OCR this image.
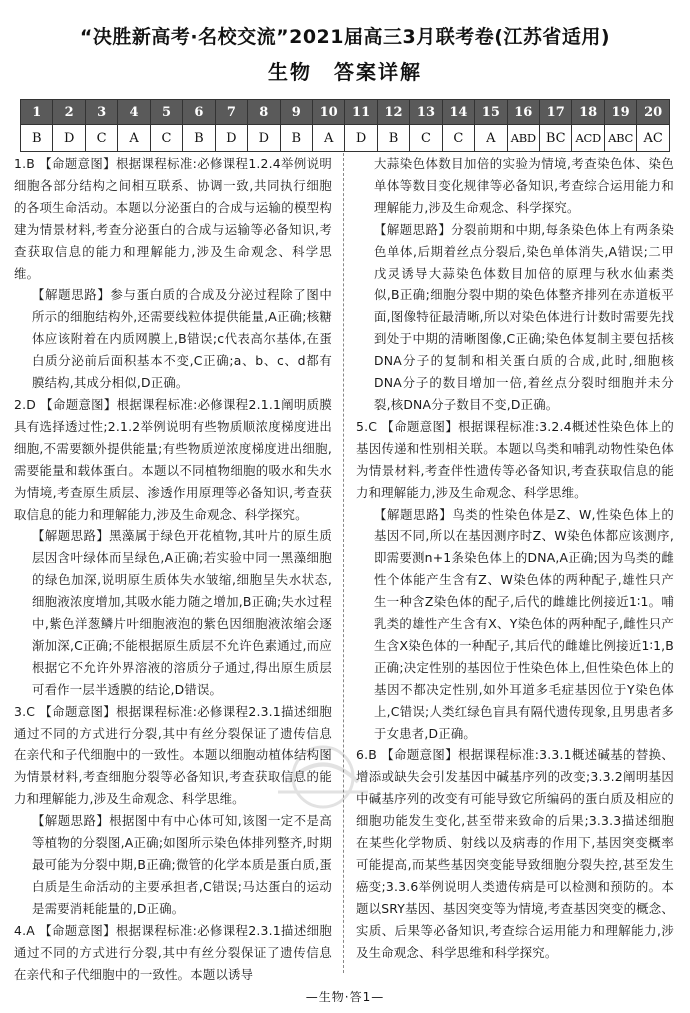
“决胜新高考·名校交流”2021届高三3月联考卷(江苏省适用)
生物 答案详解
1	2	3	4	5	6	7	8	9	10	11	12	13	14	15	16	17	18	19	20
B	D	C	A	C	B	D	D	B	A	D	B	C	C	A	ABD	BC	ACD	ABC	AC

1.B 【命题意图】根据课程标准:必修课程1.2.4举例说明细胞各部分结构之间相互联系、协调一致,共同执行细胞的各项生命活动。本题以分泌蛋白的合成与运输的模型构建为情景材料,考查分泌蛋白的合成与运输等必备知识,考查获取信息的能力和理解能力,涉及生命观念、科学思维。

【解题思路】参与蛋白质的合成及分泌过程除了图中所示的细胞结构外,还需要线粒体提供能量,A正确;核糖体应该附着在内质网膜上,B错误;c代表高尔基体,在蛋白质分泌前后面积基本不变,C正确;a、b、c、d都有膜结构,其成分相似,D正确。

2.D 【命题意图】根据课程标准:必修课程2.1.1阐明质膜具有选择透过性;2.1.2举例说明有些物质顺浓度梯度进出细胞,不需要额外提供能量;有些物质逆浓度梯度进出细胞,需要能量和载体蛋白。本题以不同植物细胞的吸水和失水为情境,考查原生质层、渗透作用原理等必备知识,考查获取信息的能力和理解能力,涉及生命观念、科学探究。

【解题思路】黑藻属于绿色开花植物,其叶片的原生质层因含叶绿体而呈绿色,A正确;若实验中同一黑藻细胞的绿色加深,说明原生质体失水皱缩,细胞呈失水状态,细胞液浓度增加,其吸水能力随之增加,B正确;失水过程中,紫色洋葱鳞片叶细胞液泡的紫色因细胞液浓缩会逐渐加深,C正确;不能根据原生质层不允许色素通过,而应根据它不允许外界溶液的溶质分子通过,得出原生质层可看作一层半透膜的结论,D错误。

3.C 【命题意图】根据课程标准:必修课程2.3.1描述细胞通过不同的方式进行分裂,其中有丝分裂保证了遗传信息在亲代和子代细胞中的一致性。本题以细胞动植体结构图为情景材料,考查细胞分裂等必备知识,考查获取信息的能力和理解能力,涉及生命观念、科学思维。

【解题思路】根据图中有中心体可知,该图一定不是高等植物的分裂图,A正确;如图所示染色体排列整齐,时期最可能为分裂中期,B正确;微管的化学本质是蛋白质,蛋白质是生命活动的主要承担者,C错误;马达蛋白的运动是需要消耗能量的,D正确。

4.A 【命题意图】根据课程标准:必修课程2.3.1描述细胞通过不同的方式进行分裂,其中有丝分裂保证了遗传信息在亲代和子代细胞中的一致性。本题以诱导

大蒜染色体数目加倍的实验为情境,考查染色体、染色单体等数目变化规律等必备知识,考查综合运用能力和理解能力,涉及生命观念、科学探究。

【解题思路】分裂前期和中期,每条染色体上有两条染色单体,后期着丝点分裂后,染色单体消失,A错误;二甲戊灵诱导大蒜染色体数目加倍的原理与秋水仙素类似,B正确;细胞分裂中期的染色体整齐排列在赤道板平面,图像特征最清晰,所以对染色体进行计数时需要先找到处于中期的清晰图像,C正确;染色体复制主要包括核DNA分子的复制和相关蛋白质的合成,此时,细胞核DNA分子的数目增加一倍,着丝点分裂时细胞并未分裂,核DNA分子数目不变,D正确。

5.C 【命题意图】根据课程标准:3.2.4概述性染色体上的基因传递和性别相关联。本题以鸟类和哺乳动物性染色体为情景材料,考查伴性遗传等必备知识,考查获取信息的能力和理解能力,涉及生命观念、科学思维。

【解题思路】鸟类的性染色体是Z、W,性染色体上的基因不同,所以在基因测序时Z、W染色体都应该测序,即需要测n+1条染色体上的DNA,A正确;因为鸟类的雌性个体能产生含有Z、W染色体的两种配子,雄性只产生一种含Z染色体的配子,后代的雌雄比例接近1∶1。哺乳类的雄性产生含有X、Y染色体的两种配子,雌性只产生含X染色体的一种配子,其后代的雌雄比例接近1∶1,B正确;决定性别的基因位于性染色体上,但性染色体上的基因不都决定性别,如外耳道多毛症基因位于Y染色体上,C错误;人类红绿色盲具有隔代遗传现象,且男患者多于女患者,D正确。

6.B 【命题意图】根据课程标准:3.3.1概述碱基的替换、增添或缺失会引发基因中碱基序列的改变;3.3.2阐明基因中碱基序列的改变有可能导致它所编码的蛋白质及相应的细胞功能发生变化,甚至带来致命的后果;3.3.3描述细胞在某些化学物质、射线以及病毒的作用下,基因突变概率可能提高,而某些基因突变能导致细胞分裂失控,甚至发生癌变;3.3.6举例说明人类遗传病是可以检测和预防的。本题以SRY基因、基因突变等为情境,考查基因突变的概念、实质、后果等必备知识,考查综合运用能力和理解能力,涉及生命观念、科学思维和科学探究。

—生物·答1—
